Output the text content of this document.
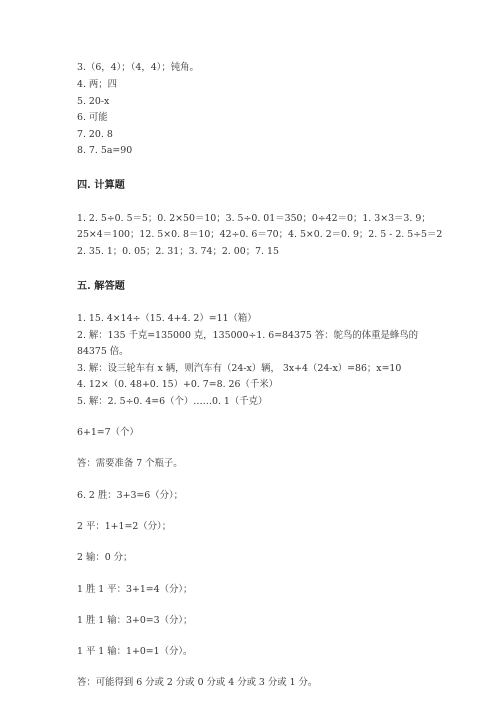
3.（6，4）；（4，4）；钝角。
4. 两；四
5. 20-x
6. 可能
7. 20. 8
8. 7. 5a=90
四. 计算题
1. 2. 5÷0. 5＝5；0. 2×50＝10；3. 5÷0. 01＝350；0÷42＝0；1. 3×3＝3. 9；
25×4＝100；12. 5×0. 8＝10；42÷0. 6＝70；4. 5×0. 2＝0. 9；2. 5 - 2. 5÷5＝2
2. 35. 1；0. 05；2. 31；3. 74；2. 00；7. 15
五. 解答题
1. 15. 4×14÷（15. 4+4. 2）=11（箱）
2. 解：135 千克=135000 克，135000÷1. 6=84375 答：鸵鸟的体重是蜂鸟的
84375 倍。
3. 解：设三轮车有 x 辆，则汽车有（24-x）辆， 3x+4（24-x）=86；x=10
4. 12×（0. 48+0. 15）+0. 7=8. 26（千米）
5. 解：2. 5÷0. 4=6（个）……0. 1（千克）
6+1=7（个）
答：需要准备 7 个瓶子。
6. 2 胜：3+3=6（分）；
2 平：1+1=2（分）；
2 输：0 分；
1 胜 1 平：3+1=4（分）；
1 胜 1 输：3+0=3（分）；
1 平 1 输：1+0=1（分）。
答：可能得到 6 分或 2 分或 0 分或 4 分或 3 分或 1 分。
